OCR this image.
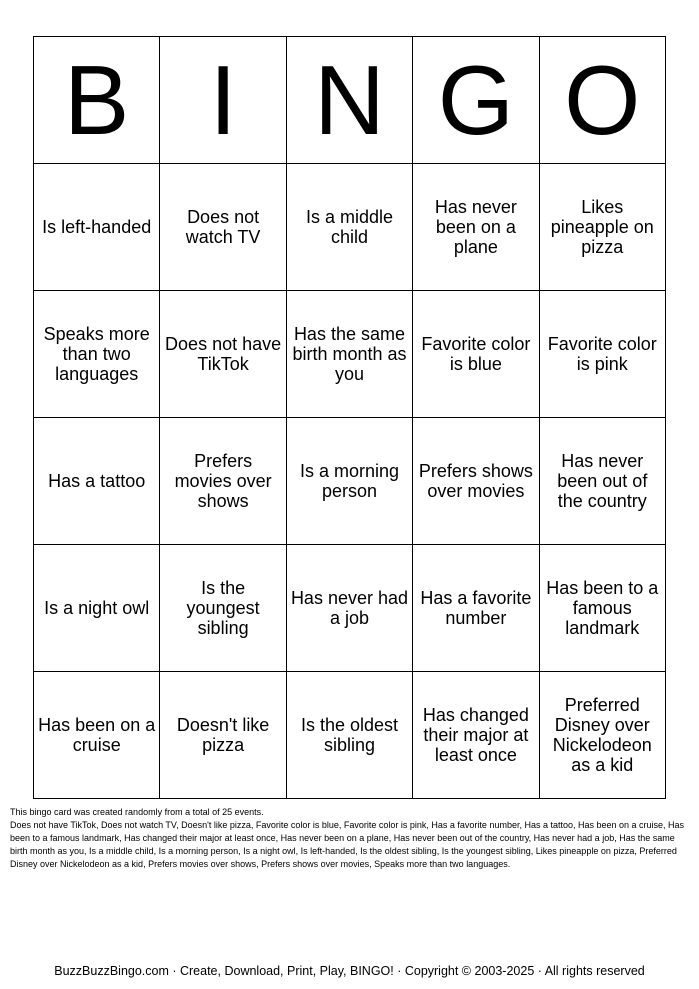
B	I	N	G	O
Is left-handed	Does not watch TV	Is a middle child	Has never been on a plane	Likes pineapple on pizza
Speaks more than two languages	Does not have TikTok	Has the same birth month as you	Favorite color is blue	Favorite color is pink
Has a tattoo	Prefers movies over shows	Is a morning person	Prefers shows over movies	Has never been out of the country
Is a night owl	Is the youngest sibling	Has never had a job	Has a favorite number	Has been to a famous landmark
Has been on a cruise	Doesn't like pizza	Is the oldest sibling	Has changed their major at least once	Preferred Disney over Nickelodeon as a kid

This bingo card was created randomly from a total of 25 events.

Does not have TikTok, Does not watch TV, Doesn't like pizza, Favorite color is blue, Favorite color is pink, Has a favorite number, Has a tattoo, Has been on a cruise, Has been to a famous landmark, Has changed their major at least once, Has never been on a plane, Has never been out of the country, Has never had a job, Has the same birth month as you, Is a middle child, Is a morning person, Is a night owl, Is left-handed, Is the oldest sibling, Is the youngest sibling, Likes pineapple on pizza, Preferred Disney over Nickelodeon as a kid, Prefers movies over shows, Prefers shows over movies, Speaks more than two languages.

BuzzBuzzBingo.com · Create, Download, Print, Play, BINGO! · Copyright © 2003-2025 · All rights reserved
